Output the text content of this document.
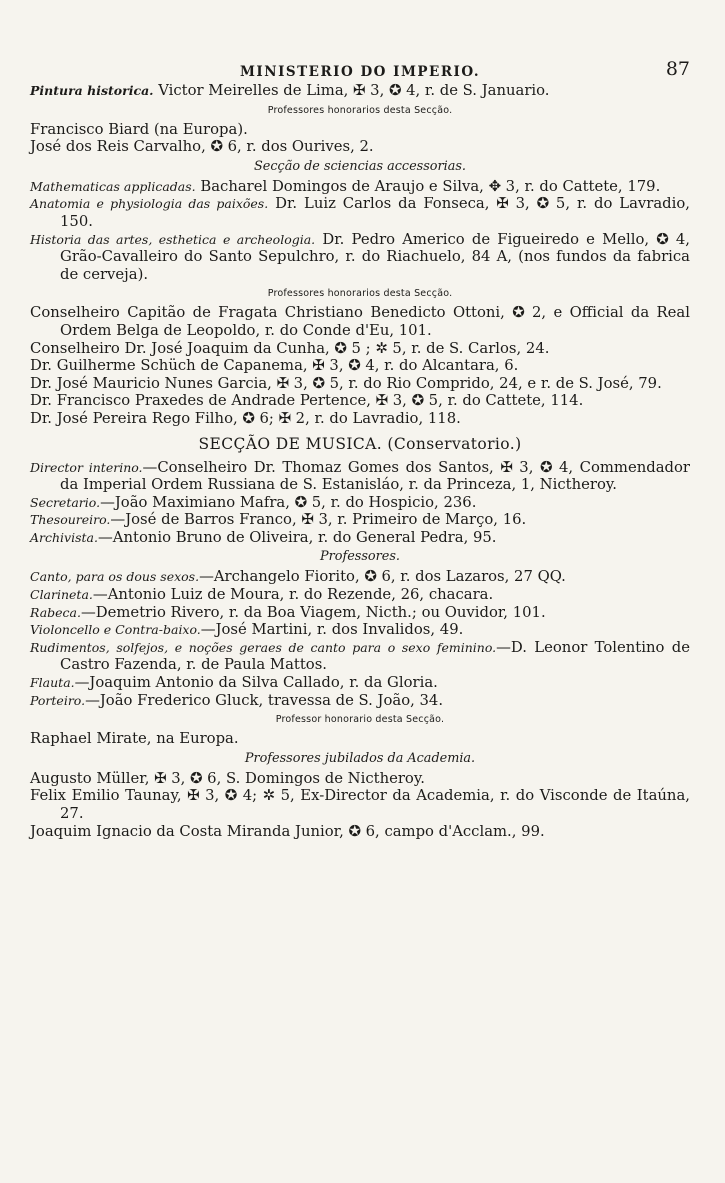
MINISTERIO DO IMPERIO.	87

Pintura historica. Victor Meirelles de Lima, ✠ 3, ✪ 4, r. de S. Januario.

Professores honorarios desta Secção.

Francisco Biard (na Europa).

José dos Reis Carvalho, ✪ 6, r. dos Ourives, 2.

Secção de sciencias accessorias.

Mathematicas applicadas. Bacharel Domingos de Araujo e Silva, ✥ 3, r. do Cattete, 179.

Anatomia e physiologia das paixões. Dr. Luiz Carlos da Fonseca, ✠ 3, ✪ 5, r. do Lavradio, 150.

Historia das artes, esthetica e archeologia. Dr. Pedro Americo de Figueiredo e Mello, ✪ 4, Grão-Cavalleiro do Santo Sepulchro, r. do Riachuelo, 84 A, (nos fundos da fabrica de cerveja).

Professores honorarios desta Secção.

Conselheiro Capitão de Fragata Christiano Benedicto Ottoni, ✪ 2, e Official da Real Ordem Belga de Leopoldo, r. do Conde d'Eu, 101.

Conselheiro Dr. José Joaquim da Cunha, ✪ 5 ; ✲ 5, r. de S. Carlos, 24.

Dr. Guilherme Schüch de Capanema, ✠ 3, ✪ 4, r. do Alcantara, 6.

Dr. José Mauricio Nunes Garcia, ✠ 3, ✪ 5, r. do Rio Comprido, 24, e r. de S. José, 79.

Dr. Francisco Praxedes de Andrade Pertence, ✠ 3, ✪ 5, r. do Cattete, 114.

Dr. José Pereira Rego Filho, ✪ 6; ✠ 2, r. do Lavradio, 118.

SECÇÃO DE MUSICA. (Conservatorio.)

Director interino.—Conselheiro Dr. Thomaz Gomes dos Santos, ✠ 3, ✪ 4, Commendador da Imperial Ordem Russiana de S. Estanisláo, r. da Princeza, 1, Nictheroy.

Secretario.—João Maximiano Mafra, ✪ 5, r. do Hospicio, 236.

Thesoureiro.—José de Barros Franco, ✠ 3, r. Primeiro de Março, 16.

Archivista.—Antonio Bruno de Oliveira, r. do General Pedra, 95.

Professores.

Canto, para os dous sexos.—Archangelo Fiorito, ✪ 6, r. dos Lazaros, 27 QQ.

Clarineta.—Antonio Luiz de Moura, r. do Rezende, 26, chacara.

Rabeca.—Demetrio Rivero, r. da Boa Viagem, Nicth.; ou Ouvidor, 101.

Violoncello e Contra-baixo.—José Martini, r. dos Invalidos, 49.

Rudimentos, solfejos, e noções geraes de canto para o sexo feminino.—D. Leonor Tolentino de Castro Fazenda, r. de Paula Mattos.

Flauta.—Joaquim Antonio da Silva Callado, r. da Gloria.

Porteiro.—João Frederico Gluck, travessa de S. João, 34.

Professor honorario desta Secção.

Raphael Mirate, na Europa.

Professores jubilados da Academia.

Augusto Müller, ✠ 3, ✪ 6, S. Domingos de Nictheroy.

Felix Emilio Taunay, ✠ 3, ✪ 4; ✲ 5, Ex-Director da Academia, r. do Visconde de Itaúna, 27.

Joaquim Ignacio da Costa Miranda Junior, ✪ 6, campo d'Acclam., 99.
